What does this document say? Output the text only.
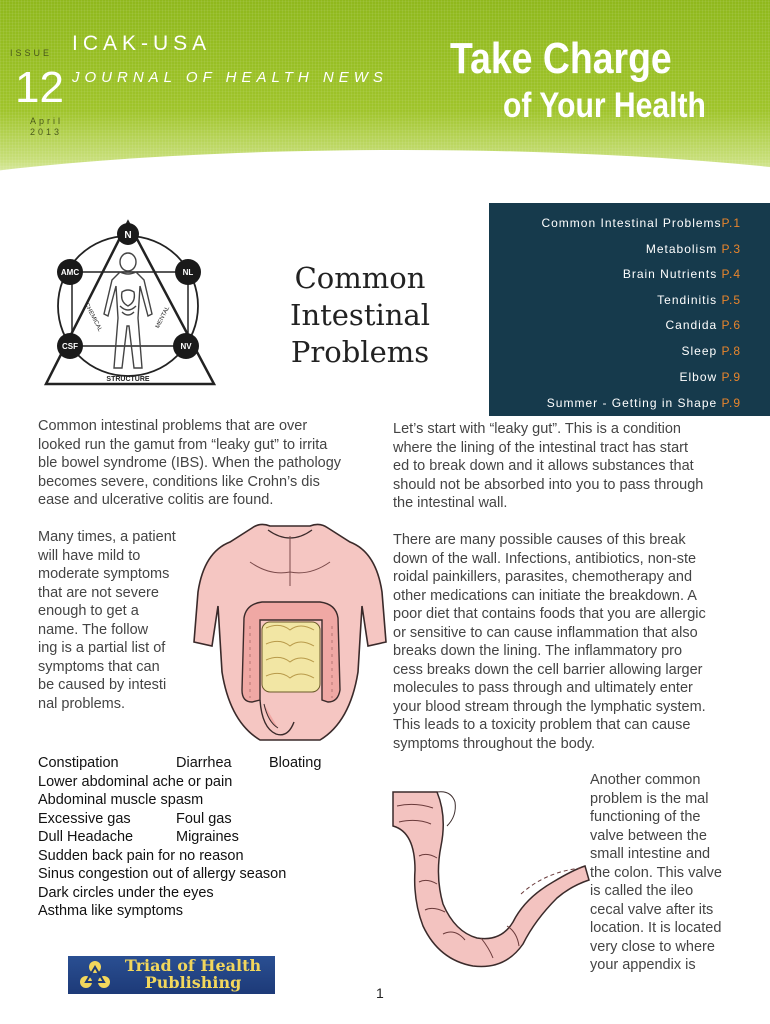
ISSUE
12
April
2013
ICAK-USA
JOURNAL OF HEALTH NEWS Take Charge
of Your Health
Common Intestinal ProblemsP.1
Metabolism P.3
Brain Nutrients P.4
Tendinitis P.5
Candida P.6
Sleep P.8
Elbow P.9
Summer - Getting in Shape P.9
N
AMC	NL
CSF	NV
CHEMICAL	MENTAL
STRUCTURE
Common
Intestinal
Problems
Common intestinal problems that are over
looked run the gamut from “leaky gut” to irrita
ble bowel syndrome (IBS). When the pathology
becomes severe, conditions like Crohn’s dis
ease and ulcerative colitis are found.
Many times, a patient
will have mild to
moderate symptoms
that are not severe
enough to get a
name. The follow
ing is a partial list of
symptoms that can
be caused by intesti
nal problems.
Let’s start with “leaky gut”. This is a condition
where the lining of the intestinal tract has start
ed to break down and it allows substances that
should not be absorbed into you to pass through
the intestinal wall.
There are many possible causes of this break
down of the wall. Infections, antibiotics, non-ste
roidal painkillers, parasites, chemotherapy and
other medications can initiate the breakdown. A
poor diet that contains foods that you are allergic
or sensitive to can cause inflammation that also
breaks down the lining. The inflammatory pro
cess breaks down the cell barrier allowing larger
molecules to pass through and ultimately enter
your blood stream through the lymphatic system.
This leads to a toxicity problem that can cause
symptoms throughout the body.
Constipation	Diarrhea	Bloating
Lower abdominal ache or pain
Abdominal muscle spasm
Excessive gas	Foul gas
Dull Headache	Migraines
Sudden back pain for no reason
Sinus congestion out of allergy season
Dark circles under the eyes
Asthma like symptoms
Another common
problem is the mal
functioning of the
valve between the
small intestine and
the colon. This valve
is called the ileo
cecal valve after its
location. It is located
very close to where
your appendix is
Triad of Health
Publishing
1
